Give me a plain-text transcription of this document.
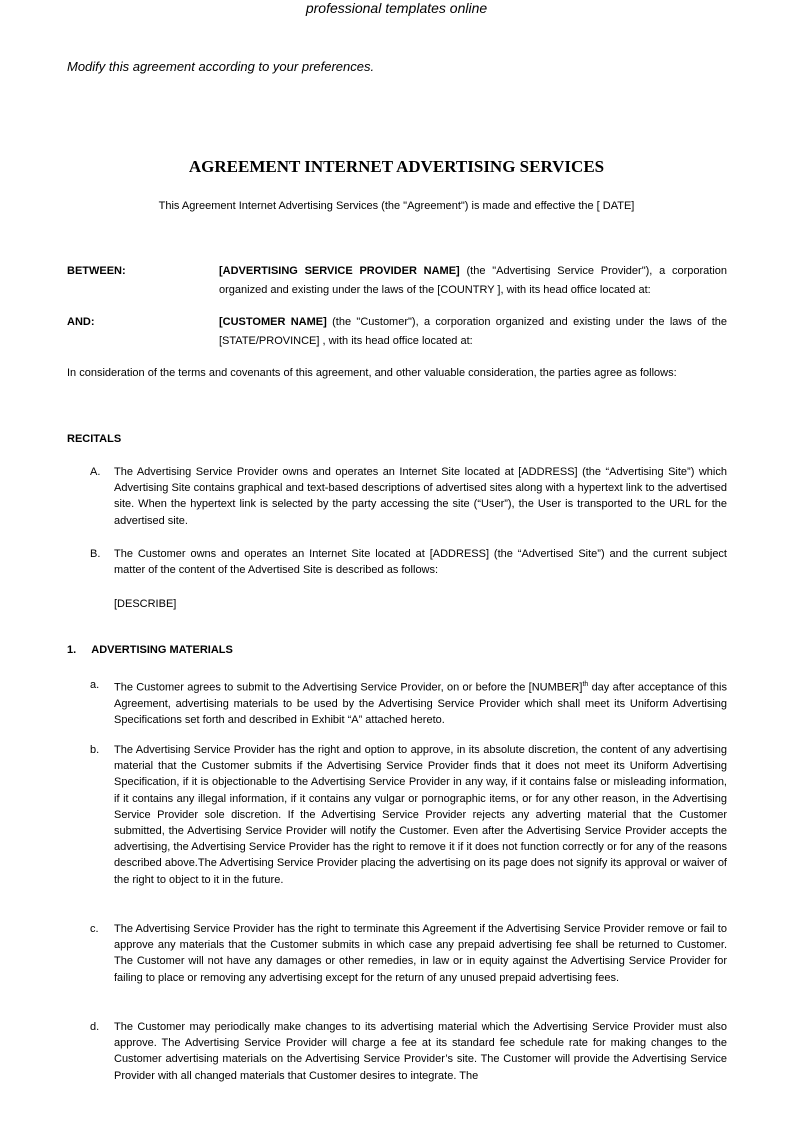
professional templates online
Modify this agreement according to your preferences.
AGREEMENT INTERNET ADVERTISING SERVICES
This Agreement Internet Advertising Services (the "Agreement") is made and effective the [ DATE]
BETWEEN:	[ADVERTISING SERVICE PROVIDER NAME] (the "Advertising Service Provider"), a corporation organized and existing under the laws of the [COUNTRY ], with its head office located at:
AND:	[CUSTOMER NAME] (the "Customer"), a corporation organized and existing under the laws of the [STATE/PROVINCE] , with its head office located at:
In consideration of the terms and covenants of this agreement, and other valuable consideration, the parties agree as follows:
RECITALS
A. The Advertising Service Provider owns and operates an Internet Site located at [ADDRESS] (the “Advertising Site”) which Advertising Site contains graphical and text-based descriptions of advertised sites along with a hypertext link to the advertised site. When the hypertext link is selected by the party accessing the site (“User”), the User is transported to the URL for the advertised site.
B. The Customer owns and operates an Internet Site located at [ADDRESS] (the “Advertised Site”) and the current subject matter of the content of the Advertised Site is described as follows:
[DESCRIBE]
1. ADVERTISING MATERIALS
a. The Customer agrees to submit to the Advertising Service Provider, on or before the [NUMBER]$^{th}$ day after acceptance of this Agreement, advertising materials to be used by the Advertising Service Provider which shall meet its Uniform Advertising Specifications set forth and described in Exhibit “A” attached hereto.
b. The Advertising Service Provider has the right and option to approve, in its absolute discretion, the content of any advertising material that the Customer submits if the Advertising Service Provider finds that it does not meet its Uniform Advertising Specification, if it is objectionable to the Advertising Service Provider in any way, if it contains false or misleading information, if it contains any illegal information, if it contains any vulgar or pornographic items, or for any other reason, in the Advertising Service Provider sole discretion. If the Advertising Service Provider rejects any adverting material that the Customer submitted, the Advertising Service Provider will notify the Customer. Even after the Advertising Service Provider accepts the advertising, the Advertising Service Provider has the right to remove it if it does not function correctly or for any of the reasons described above.The Advertising Service Provider placing the advertising on its page does not signify its approval or waiver of the right to object to it in the future.
c. The Advertising Service Provider has the right to terminate this Agreement if the Advertising Service Provider remove or fail to approve any materials that the Customer submits in which case any prepaid advertising fee shall be returned to Customer. The Customer will not have any damages or other remedies, in law or in equity against the Advertising Service Provider for failing to place or removing any advertising except for the return of any unused prepaid advertising fees.
d. The Customer may periodically make changes to its advertising material which the Advertising Service Provider must also approve. The Advertising Service Provider will charge a fee at its standard fee schedule rate for making changes to the Customer advertising materials on the Advertising Service Provider’s site. The Customer will provide the Advertising Service Provider with all changed materials that Customer desires to integrate. The
